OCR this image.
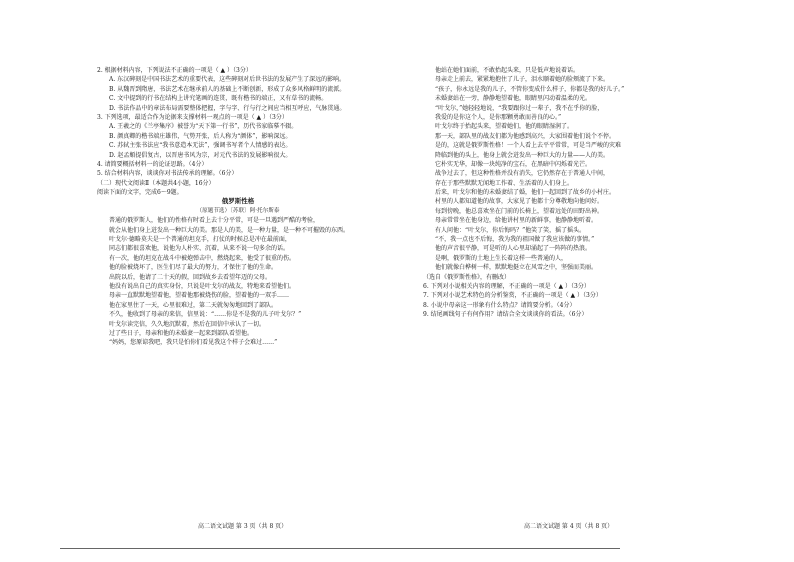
2. 根据材料内容，下列说法不正确的一项是（ ▲ ）（3分）
A. 东汉碑刻是中国书法艺术的重要代表，这些碑刻对后世书法的发展产生了深远的影响。
B. 从魏晋到隋唐，书法艺术在继承前人的基础上不断创新，形成了众多风格鲜明的流派。
C. 文中提到的行书在结构上讲究笔画的连贯，既有楷书的端正，又有草书的流畅。
D. 书法作品中的章法布局需要整体把握，字与字、行与行之间应当相互呼应，气脉贯通。
3. 下列选项，最适合作为论据来支撑材料一观点的一项是（ ▲ ）（3分）
A. 王羲之的《兰亭集序》被誉为“天下第一行书”，历代书家临摹不辍。
B. 颜真卿的楷书端庄雄伟，气势开张，后人称为“颜体”，影响深远。
C. 苏轼主张书法应“我书意造本无法”，强调书写者个人情感的表达。
D. 赵孟頫提倡复古，以晋唐书风为宗，对元代书法的发展影响很大。
4. 请简要概括材料一的论证思路。（4分）
5. 结合材料内容，谈谈你对书法传承的理解。（6分）
（二）现代文阅读Ⅱ（本题共4小题，16分）
阅读下面的文字，完成6～9题。
俄罗斯性格
（原题节选）〔苏联〕阿·托尔斯泰
普通的俄罗斯人，他们的性格有时看上去十分平常，可是一旦遇到严酷的考验，
就会从他们身上迸发出一种巨大的美。那是人的美，是一种力量，是一种不可摧毁的东西。
叶戈尔·德略莫夫是一个普通的坦克手，打仗的时候总是冲在最前面，
同志们都很喜欢他，说他为人朴实、沉着，从来不说一句多余的话。
有一次，他的坦克在战斗中被炮弹击中，燃烧起来，他受了很重的伤。
他的脸被烧坏了，医生们尽了最大的努力，才保住了他的生命。
出院以后，他请了二十天的假，回到故乡去看望年迈的父母。
他没有说出自己的真实身份，只说是叶戈尔的战友，特地来看望他们。
母亲一直默默地望着他，望着他那被烧伤的脸，望着他的一双手……
他在家里住了一天，心里很难过，第二天就匆匆地回到了部队。
不久，他收到了母亲的来信，信里说：“……你是不是我的儿子叶戈尔？”
叶戈尔读完信，久久地沉默着，然后在回信中承认了一切。
过了些日子，母亲和他的未婚妻一起来到部队看望他。
“妈妈，您原谅我吧，我只是怕你们看见我这个样子会难过……”
他站在她们面前，不敢抬起头来，只是低声地说着话。
母亲走上前去，紧紧地抱住了儿子，泪水顺着她的脸颊流了下来。
“孩子，你永远是我的儿子，不管你变成什么样子，你都是我的好儿子。”
未婚妻站在一旁，静静地望着他，眼睛里闪动着温柔的光。
“叶戈尔，”她轻轻地说，“我要跟你过一辈子，我不在乎你的脸，
我爱的是你这个人，是你那颗勇敢而善良的心。”
叶戈尔终于抬起头来，望着她们，他的眼睛湿润了。
那一天，部队里的战友们都为他感到高兴，大家围着他们说个不停。
是的，这就是俄罗斯性格！一个人看上去平平常常，可是当严峻的灾难
降临到他的头上，他身上就会迸发出一种巨大的力量——人的美。
它朴实无华，却像一块纯净的宝石，在黑暗中闪烁着光芒。
战争过去了，但这种性格并没有消失，它仍然存在于普通人中间，
存在于那些默默无闻地工作着、生活着的人们身上。
后来，叶戈尔和他的未婚妻结了婚，他们一起回到了故乡的小村庄。
村里的人都知道他的故事，大家见了他都十分尊敬地向他问好。
每到傍晚，他总喜欢坐在门前的长椅上，望着远处的田野出神。
母亲常常坐在他身边，给他讲村里的新鲜事，他静静地听着。
有人问他：“叶戈尔，你后悔吗？”他笑了笑，摇了摇头。
“不，我一点也不后悔，我为我的祖国做了我应该做的事情。”
他的声音很平静，可是听的人心里却涌起了一阵阵的热浪。
是啊，俄罗斯的土地上生长着这样一些普通的人，
他们就像白桦树一样，默默地挺立在风雪之中，坚强而美丽。
（选自《俄罗斯性格》，有删改）
6. 下列对小说相关内容的理解，不正确的一项是（ ▲ ）（3分）
7. 下列对小说艺术特色的分析鉴赏，不正确的一项是（ ▲ ）（3分）
8. 小说中母亲这一形象有什么特点？请简要分析。（4分）
9. 结尾画线句子有何作用？请结合全文谈谈你的看法。（6分）
高二语文试题 第 3 页（共 8 页）	高二语文试题 第 4 页（共 8 页）
